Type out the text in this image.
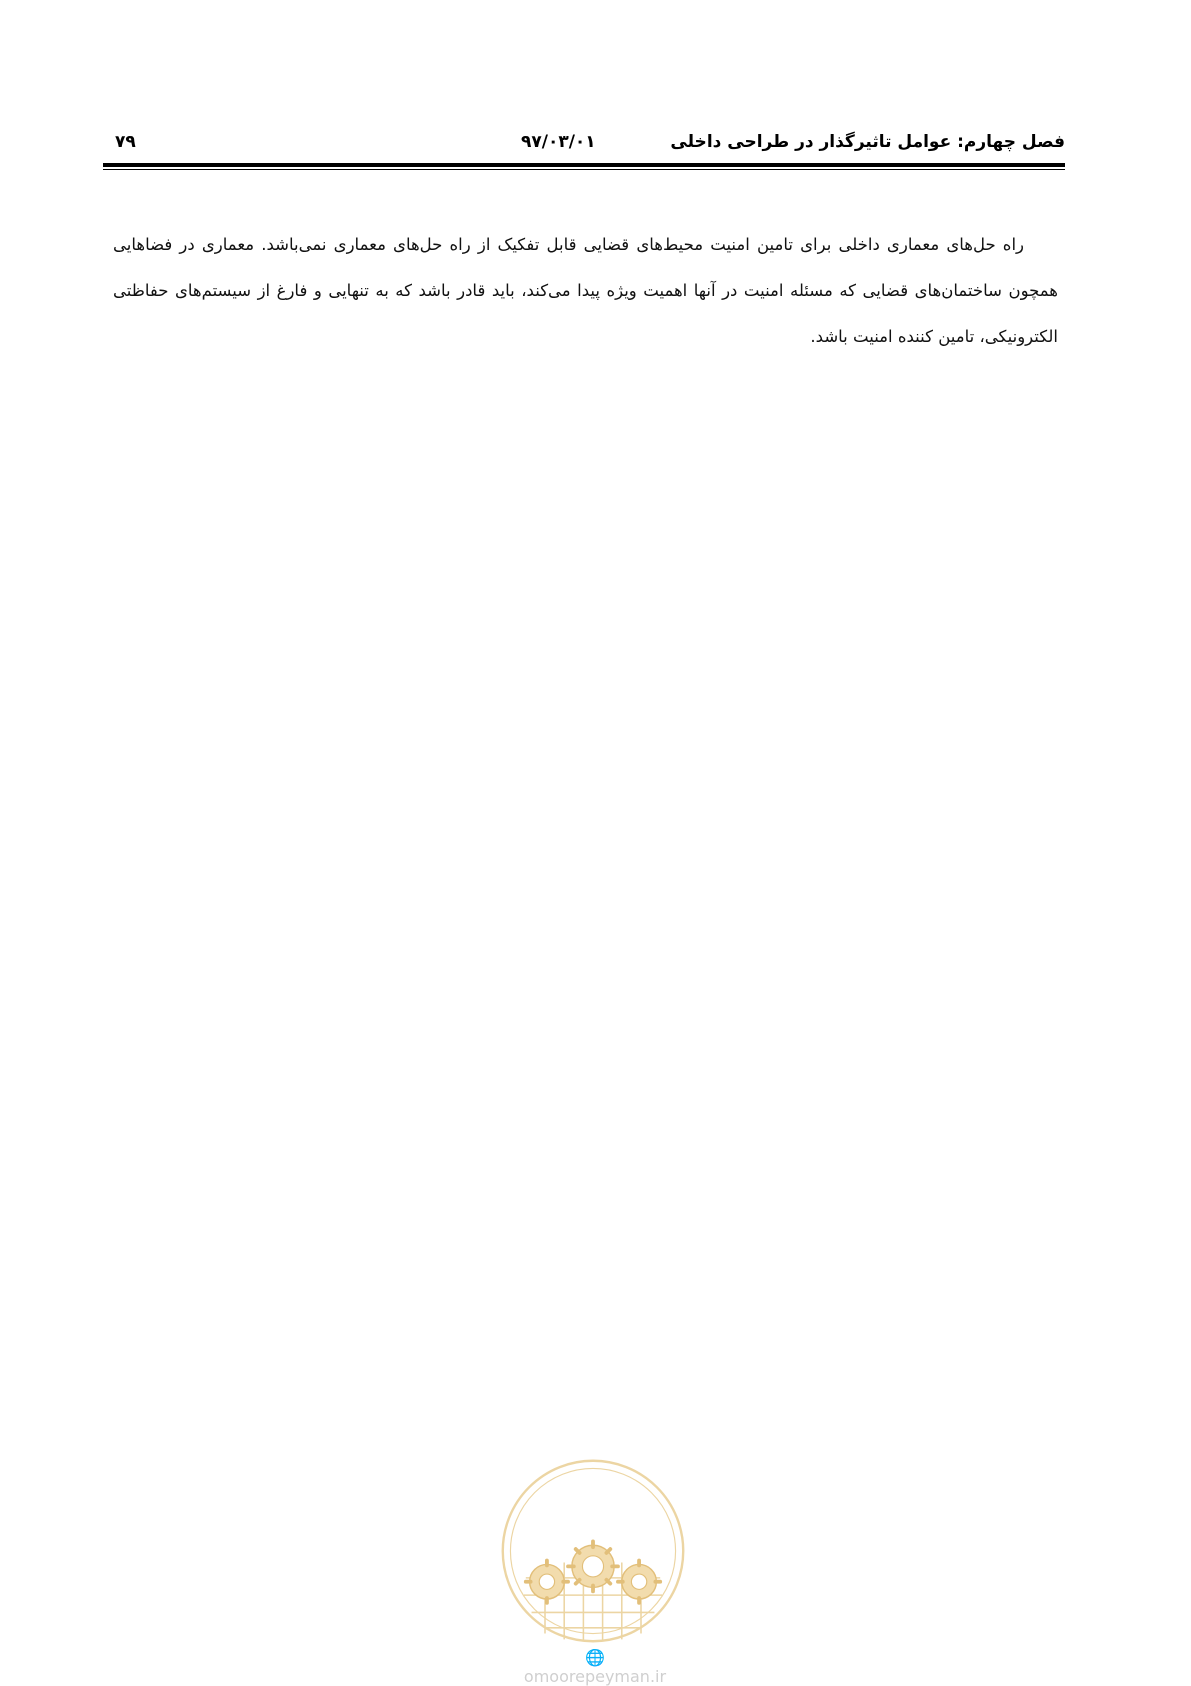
فصل چهارم: عوامل تاثیرگذار در طراحی داخلی
۹۷/۰۳/۰۱
۷۹

راه حل‌های معماری داخلی برای تامین امنیت محیط‌های قضایی قابل تفکیک از راه حل‌های معماری نمی‌باشد. معماری در فضاهایی همچون ساختمان‌های قضایی که مسئله امنیت در آنها اهمیت ویژه پیدا می‌کند، باید قادر باشد که به تنهایی و فارغ از سیستم‌های حفاظتی الکترونیکی، تامین کننده امنیت باشد.

🌐omoorepeyman.ir
